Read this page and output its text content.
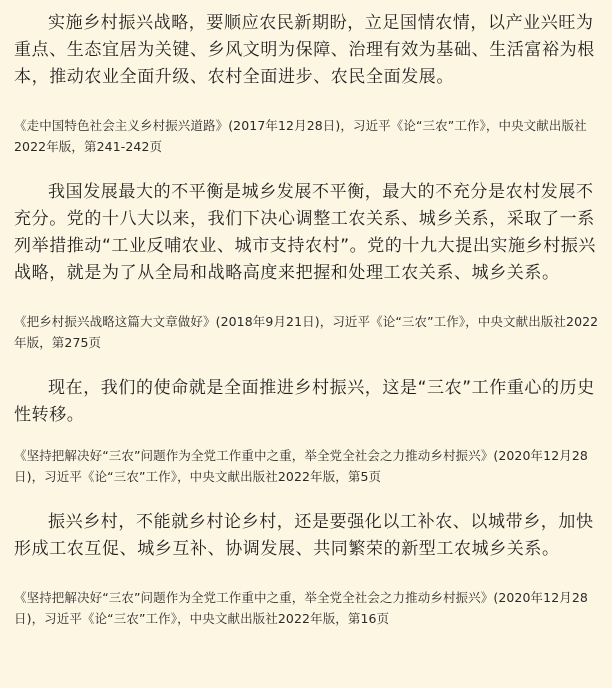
实施乡村振兴战略，要顺应农民新期盼，立足国情农情，以产业兴旺为重点、生态宜居为关键、乡风文明为保障、治理有效为基础、生活富裕为根本，推动农业全面升级、农村全面进步、农民全面发展。

《走中国特色社会主义乡村振兴道路》(2017年12月28日)，习近平《论“三农”工作》，中央文献出版社2022年版，第241-242页

我国发展最大的不平衡是城乡发展不平衡，最大的不充分是农村发展不充分。党的十八大以来，我们下决心调整工农关系、城乡关系，采取了一系列举措推动“工业反哺农业、城市支持农村”。党的十九大提出实施乡村振兴战略，就是为了从全局和战略高度来把握和处理工农关系、城乡关系。

《把乡村振兴战略这篇大文章做好》(2018年9月21日)，习近平《论“三农”工作》，中央文献出版社2022年版，第275页

现在，我们的使命就是全面推进乡村振兴，这是“三农”工作重心的历史性转移。

《坚持把解决好“三农”问题作为全党工作重中之重，举全党全社会之力推动乡村振兴》(2020年12月28日)，习近平《论“三农”工作》，中央文献出版社2022年版，第5页

振兴乡村，不能就乡村论乡村，还是要强化以工补农、以城带乡，加快形成工农互促、城乡互补、协调发展、共同繁荣的新型工农城乡关系。

《坚持把解决好“三农”问题作为全党工作重中之重，举全党全社会之力推动乡村振兴》(2020年12月28日)，习近平《论“三农”工作》，中央文献出版社2022年版，第16页
